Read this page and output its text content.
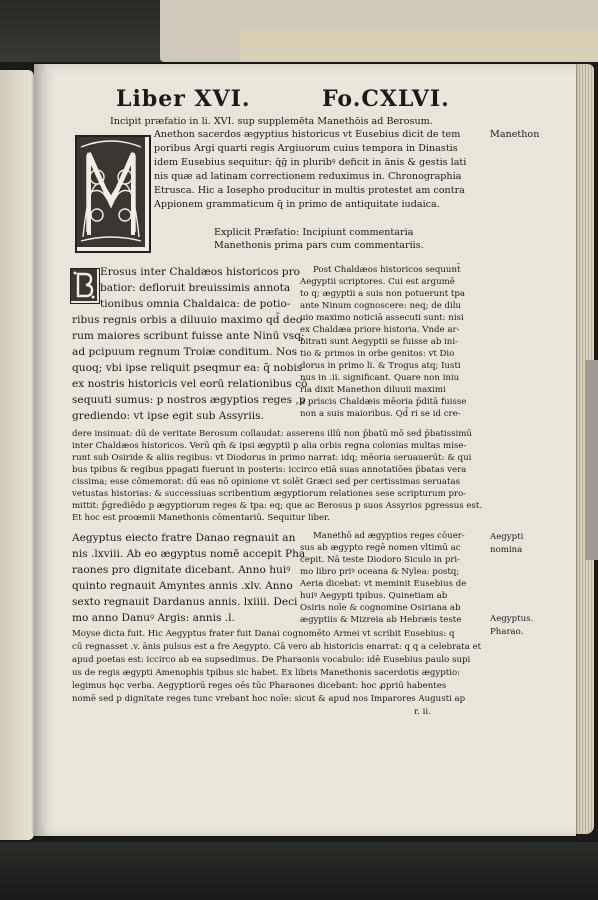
Liber XVI.	Fo.CXLVI.
Incipit præfatio in li. XVI. sup supplemēta Manethōis ad Berosum.
Anethon sacerdos ægyptius historicus vt Eusebius dicit de tem
poribus Argi quarti regis Argiuorum cuius tempora in Dinastis
idem Eusebius sequitur: q̄ḡ in pluribꝰ deficit in ānis & gestis lati
nis quæ ad latinam correctionem reduximus in. Chronographia
Etrusca. Hic a Iosepho producitur in multis protestet am contra
Appionem grammaticum q̄ in primo de antiquitate iudaica.
Manethon
Explicit Præfatio: Incipiunt commentaria
Manethonis prima pars cum commentariis.
Erosus inter Chaldæos historicos pro
batior: defloruit breuissimis annota
tionibus omnia Chaldaica: de potio-
ribus regnis orbis a diluuio maximo qd̄ deo
rum maiores scribunt fuisse ante Ninū vsq;
ad pcipuum regnum Troiæ conditum. Nos
quoq; vbi ipse reliquit pseqmur ea: q̄ nobis
ex nostris historicis vel eorū relationibus cō
sequuti sumus: p nostros ægyptios reges ,p
grediendo: vt ipse egit sub Assyriis.
Post Chaldæos historicos sequunt̄
Aegyptii scriptores. Cui est argumē
to q; ægyptii a suis non potuerunt tpa
ante Ninum cognoscere: neq; de dilu
uio maximo noticiā assecuti sunt: nisi
ex Chaldæa priore historia. Vnde ar-
bitrati sunt Aegyptii se fuisse ab ini-
tio & primos in orbe genitos: vt Dio
dorus in primo li. & Trogus atq; Iusti
nus in .ii. significant. Quare non iniu
ria dixit Manethon diluuii maximi
a priscis Chaldæis mēoria p̄ditā fuisse
non a suis maioribus. Qd̄ ri se id cre-
dere insinuat: dū de veritate Berosum collaudat: asserens illū non p̄batū mō sed p̄batissimū
inter Chaldæos historicos. Verū qm̄ & ipsi ægyptii p alia orbis regna colonias multas mise-
runt sub Osiride & aliis regibus: vt Diodorus in primo narrat: idq; mēoria seruauerūt: & qui
bus tpibus & regibus ppagati fuerunt in posteris: iccirco etiā suas annotatiōes p̄batas vera
cissima; esse cōmemorat: dū eas nō opinione vt solēt Græci sed per certissimas seruatas
vetustas historias: & successiuas scribentium ægyptiorum relationes sese scripturum pro-
mittit: p̄grediēdo p ægyptiorum reges & tpa: eq; que ac Berosus p suos Assyrios pgressus est.
Et hoc est proœmii Manethonis cōmentariū. Sequitur liber.
Aegyptus eiecto fratre Danao regnauit an
nis .lxviii. Ab eo ægyptus nomē accepit Pha
raones pro dignitate dicebant. Anno huiꝰ
quinto regnauit Amyntes annis .xlv. Anno
sexto regnauit Dardanus annis. lxiiii. Deci
mo anno Danuꝰ Argis: annis .l.
Manethō ad ægyptios reges cōuer-
sus ab ægypto regē nomen vltimū ac
cepit. Nā teste Diodoro Siculo in pri-
mo libro priꝰ oceana & Nylea: postq;
Aeria dicebat: vt meminit Eusebius de
huiꝰ Aegypti tpibus. Quinetiam ab
Osiris noīe & cognomine Osiriana ab
ægyptiis & Mizreia ab Hebræis teste
Aegypti
nomina
Aegyptus.
Pharao.
Moyse dicta fuit. Hic Aegyptus frater fuit Danai cognomēto Armei vt scribit Eusebius: q
cū regnasset .v. ānis pulsus est a fre Aegypto. Cā vero ab historicis enarrat: q q a celebrata et
apud poetas est: iccirco ab ea supsedimus. De Pharaonis vocabulo: idē Eusebius paulo supi
us de regis ægypti Amenophis tpibus sic habet. Ex libris Manethonis sacerdotis ægyptio:
legimus hęc verba. Aegyptiorū reges oēs tūc Pharaones dicebant: hoc ꝓpriū habentes
nomē sed p dignitate reges tunc vrebant hoc noīe: sicut & apud nos Imparores Augusti ap
r. ii.
